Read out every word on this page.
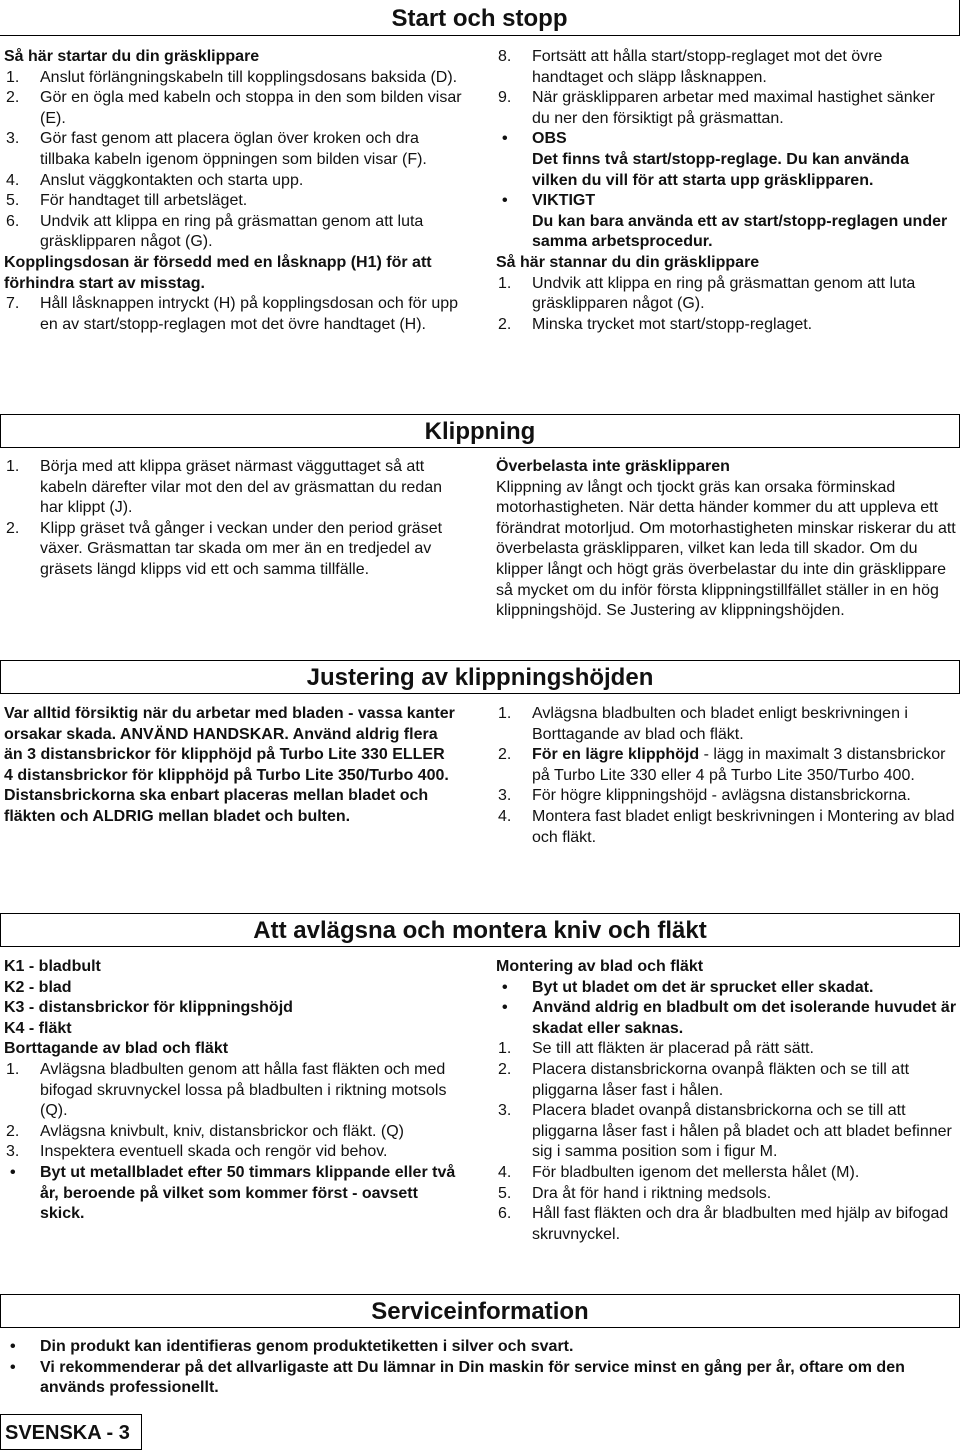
Start och stopp

Så här startar du din gräsklippare

1. Anslut förlängningskabeln till kopplingsdosans baksida (D).
2. Gör en ögla med kabeln och stoppa in den som bilden visar (E).
3. Gör fast genom att placera öglan över kroken och dra tillbaka kabeln igenom öppningen som bilden visar (F).
4. Anslut väggkontakten och starta upp.
5. För handtaget till arbetsläget.
6. Undvik att klippa en ring på gräsmattan genom att luta gräsklipparen något (G).

Kopplingsdosan är försedd med en låsknapp (H1) för att förhindra start av misstag.

7. Håll låsknappen intryckt (H) på kopplingsdosan och för upp en av start/stopp-reglagen mot det övre handtaget (H).
8. Fortsätt att hålla start/stopp-reglaget mot det övre handtaget och släpp låsknappen.
9. När gräsklipparen arbetar med maximal hastighet sänker du ner den försiktigt på gräsmattan.
• OBS
Det finns två start/stopp-reglage. Du kan använda vilken du vill för att starta upp gräsklipparen.
• VIKTIGT
Du kan bara använda ett av start/stopp-reglagen under samma arbetsprocedur.

Så här stannar du din gräsklippare

1. Undvik att klippa en ring på gräsmattan genom att luta gräsklipparen något (G).
2. Minska trycket mot start/stopp-reglaget.
Klippning
1. Börja med att klippa gräset närmast vägguttaget så att kabeln därefter vilar mot den del av gräsmattan du redan har klippt (J).
2. Klipp gräset två gånger i veckan under den period gräset växer. Gräsmattan tar skada om mer än en tredjedel av gräsets längd klipps vid ett och samma tillfälle.

Överbelasta inte gräsklipparen

Klippning av långt och tjockt gräs kan orsaka förminskad motorhastigheten. När detta händer kommer du att uppleva ett förändrat motorljud. Om motorhastigheten minskar riskerar du att överbelasta gräsklipparen, vilket kan leda till skador. Om du klipper långt och högt gräs överbelastar du inte din gräsklippare så mycket om du inför första klippningstillfället ställer in en hög klippningshöjd. Se Justering av klippningshöjden.

Justering av klippningshöjden

Var alltid försiktig när du arbetar med bladen - vassa kanter orsakar skada. ANVÄND HANDSKAR. Använd aldrig flera än 3 distansbrickor för klipphöjd på Turbo Lite 330 ELLER 4 distansbrickor för klipphöjd på Turbo Lite 350/Turbo 400. Distansbrickorna ska enbart placeras mellan bladet och fläkten och ALDRIG mellan bladet och bulten.

1. Avlägsna bladbulten och bladet enligt beskrivningen i Borttagande av blad och fläkt.
2. För en lägre klipphöjd - lägg in maximalt 3 distansbrickor på Turbo Lite 330 eller 4 på Turbo Lite 350/Turbo 400.
3. För högre klippningshöjd - avlägsna distansbrickorna.
4. Montera fast bladet enligt beskrivningen i Montering av blad och fläkt.
Att avlägsna och montera kniv och fläkt

K1 - bladbult

K2 - blad

K3 - distansbrickor för klippningshöjd

K4 - fläkt

Borttagande av blad och fläkt

1. Avlägsna bladbulten genom att hålla fast fläkten och med bifogad skruvnyckel lossa på bladbulten i riktning motsols (Q).
2. Avlägsna knivbult, kniv, distansbrickor och fläkt. (Q)
3. Inspektera eventuell skada och rengör vid behov.
• Byt ut metallbladet efter 50 timmars klippande eller två år, beroende på vilket som kommer först - oavsett skick.

Montering av blad och fläkt

• Byt ut bladet om det är sprucket eller skadat.
• Använd aldrig en bladbult om det isolerande huvudet är skadat eller saknas.
1. Se till att fläkten är placerad på rätt sätt.
2. Placera distansbrickorna ovanpå fläkten och se till att pliggarna låser fast i hålen.
3. Placera bladet ovanpå distansbrickorna och se till att pliggarna låser fast i hålen på bladet och att bladet befinner sig i samma position som i figur M.
4. För bladbulten igenom det mellersta hålet (M).
5. Dra åt för hand i riktning medsols.
6. Håll fast fläkten och dra år bladbulten med hjälp av bifogad skruvnyckel.
Serviceinformation
• Din produkt kan identifieras genom produktetiketten i silver och svart.
• Vi rekommenderar på det allvarligaste att Du lämnar in Din maskin för service minst en gång per år, oftare om den används professionellt.
SVENSKA - 3
